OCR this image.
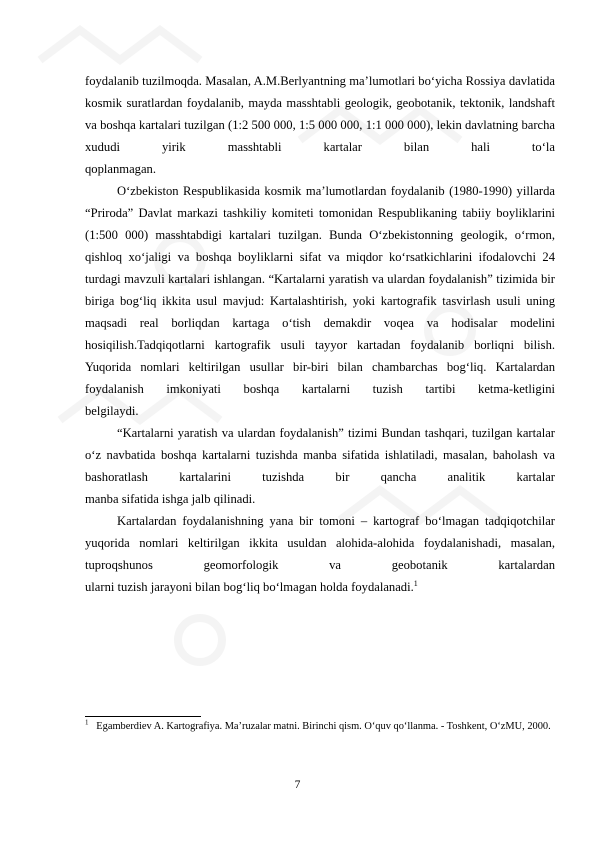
foydalanib tuzilmoqda. Masalan, A.M.Berlyantning ma’lumotlari bo‘yicha Rossiya davlatida kosmik suratlardan foydalanib, mayda masshtabli geologik, geobotanik, tektonik, landshaft va boshqa kartalari tuzilgan (1:2 500 000, 1:5 000 000, 1:1 000 000), lekin davlatning barcha xududi yirik masshtabli kartalar bilan hali to‘la

qoplanmagan.

O‘zbekiston Respublikasida kosmik ma’lumotlardan foydalanib (1980-1990) yillarda “Priroda” Davlat markazi tashkiliy komiteti tomonidan Respublikaning tabiiy boyliklarini (1:500 000) masshtabdigi kartalari tuzilgan. Bunda O‘zbekistonning geologik, o‘rmon, qishloq xo‘jaligi va boshqa boyliklarni sifat va miqdor ko‘rsatkichlarini ifodalovchi 24 turdagi mavzuli kartalari ishlangan. “Kartalarni yaratish va ulardan foydalanish” tizimida bir biriga bog‘liq ikkita usul mavjud: Kartalashtirish, yoki kartografik tasvirlash usuli uning maqsadi real borliqdan kartaga o‘tish demakdir voqea va hodisalar modelini hosiqilish.Tadqiqotlarni kartografik usuli tayyor kartadan foydalanib borliqni bilish. Yuqorida nomlari keltirilgan usullar bir-biri bilan chambarchas bog‘liq. Kartalardan foydalanish imkoniyati boshqa kartalarni tuzish tartibi ketma-ketligini

belgilaydi.

“Kartalarni yaratish va ulardan foydalanish” tizimi Bundan tashqari, tuzilgan kartalar o‘z navbatida boshqa kartalarni tuzishda manba sifatida ishlatiladi, masalan, baholash va bashoratlash kartalarini tuzishda bir qancha analitik kartalar

manba sifatida ishga jalb qilinadi.

Kartalardan foydalanishning yana bir tomoni – kartograf bo‘lmagan tadqiqotchilar yuqorida nomlari keltirilgan ikkita usuldan alohida-alohida foydalanishadi, masalan, tuproqshunos geomorfologik va geobotanik kartalardan

ularni tuzish jarayoni bilan bog‘liq bo‘lmagan holda foydalanadi.$^1$

$^1$ Egamberdiev A. Kartografiya. Ma’ruzalar matni. Birinchi qism. O‘quv qo‘llanma. - Toshkent, O‘zMU, 2000.
7
